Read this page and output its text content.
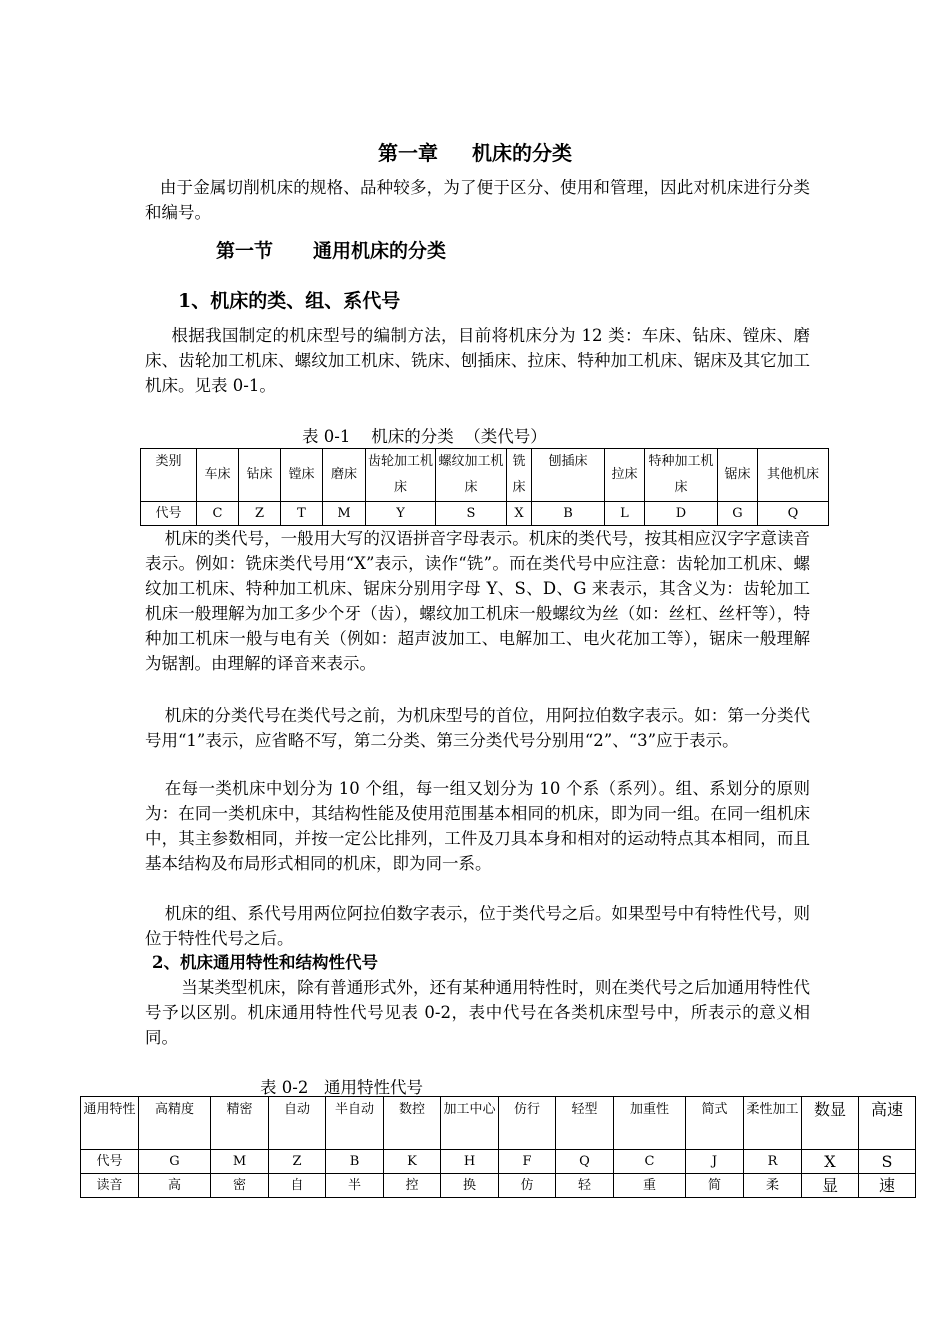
第一章 机床的分类
由于金属切削机床的规格、品种较多，为了便于区分、使用和管理，因此对机床进行分类和编号。
第一节 通用机床的分类
1、机床的类、组、系代号
根据我国制定的机床型号的编制方法，目前将机床分为 12 类：车床、钻床、镗床、磨床、齿轮加工机床、螺纹加工机床、铣床、刨插床、拉床、特种加工机床、锯床及其它加工机床。见表 0-1。
表 0-1    机床的分类  （类代号）
类别	车床	钻床	镗床	磨床	齿轮加工机床	螺纹加工机床	铣床	刨插床	拉床	特种加工机床	锯床	其他机床
代号	C	Z	T	M	Y	S	X	B	L	D	G	Q
机床的类代号，一般用大写的汉语拼音字母表示。机床的类代号，按其相应汉字字意读音表示。例如：铣床类代号用“X”表示，读作“铣”。而在类代号中应注意：齿轮加工机床、螺纹加工机床、特种加工机床、锯床分别用字母 Y、S、D、G 来表示，其含义为：齿轮加工机床一般理解为加工多少个牙（齿），螺纹加工机床一般螺纹为丝（如：丝杠、丝杆等），特种加工机床一般与电有关（例如：超声波加工、电解加工、电火花加工等），锯床一般理解为锯割。由理解的译音来表示。
机床的分类代号在类代号之前，为机床型号的首位，用阿拉伯数字表示。如：第一分类代号用“1”表示，应省略不写，第二分类、第三分类代号分别用“2”、“3”应于表示。
在每一类机床中划分为 10 个组，每一组又划分为 10 个系（系列）。组、系划分的原则为：在同一类机床中，其结构性能及使用范围基本相同的机床，即为同一组。在同一组机床中，其主参数相同，并按一定公比排列，工件及刀具本身和相对的运动特点其本相同，而且基本结构及布局形式相同的机床，即为同一系。
机床的组、系代号用两位阿拉伯数字表示，位于类代号之后。如果型号中有特性代号，则位于特性代号之后。
2、机床通用特性和结构性代号
当某类型机床，除有普通形式外，还有某种通用特性时，则在类代号之后加通用特性代号予以区别。机床通用特性代号见表 0-2，表中代号在各类机床型号中，所表示的意义相同。
表 0-2   通用特性代号
通用特性	高精度	精密	自动	半自动	数控	加工中心	仿行	轻型	加重性	简式	柔性加工	数显	高速
代号	G	M	Z	B	K	H	F	Q	C	J	R	X	S
读音	高	密	自	半	控	换	仿	轻	重	简	柔	显	速
